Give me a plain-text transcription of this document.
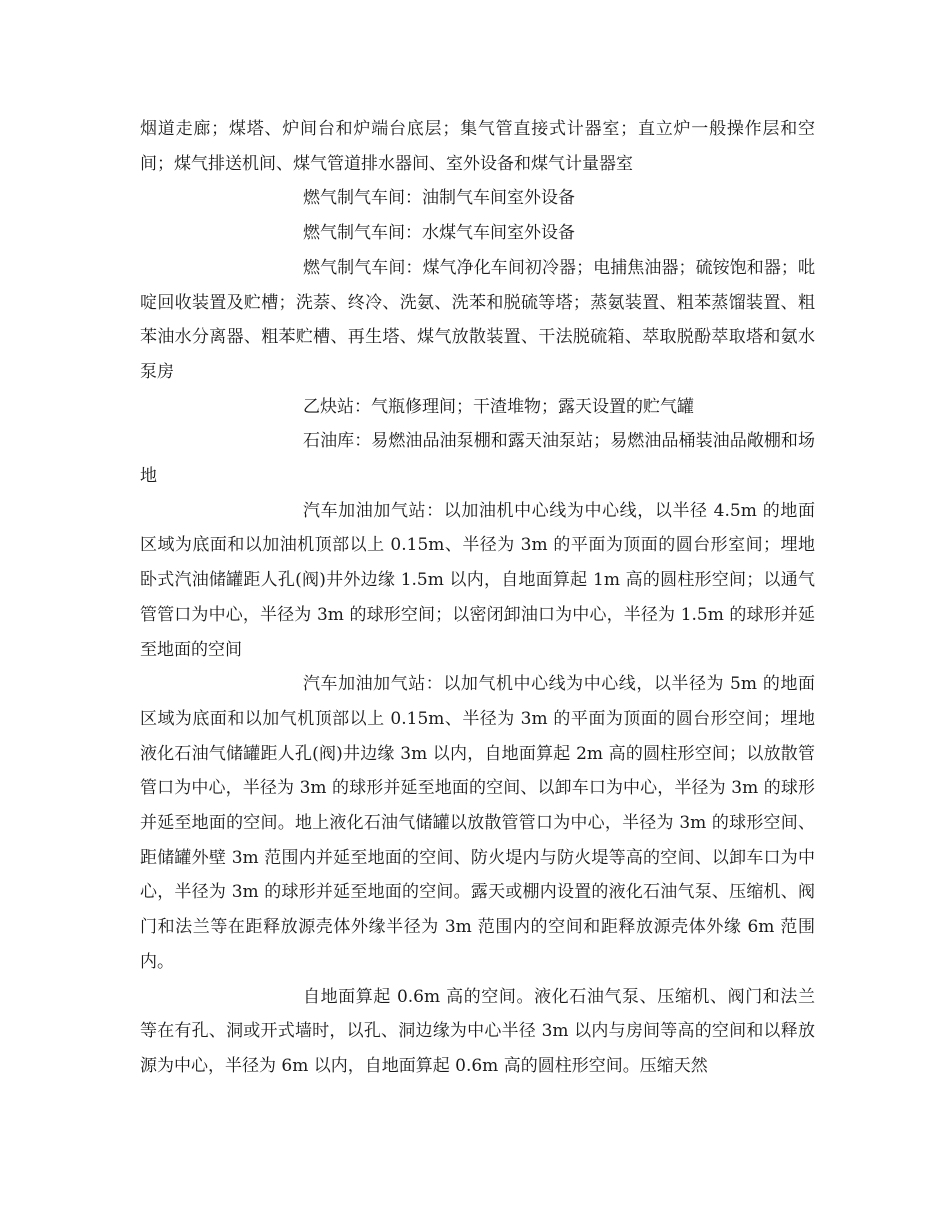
烟道走廊；煤塔、炉间台和炉端台底层；集气管直接式计器室；直立炉一般操作层和空间；煤气排送机间、煤气管道排水器间、室外设备和煤气计量器室

燃气制气车间：油制气车间室外设备

燃气制气车间：水煤气车间室外设备

燃气制气车间：煤气净化车间初冷器；电捕焦油器；硫铵饱和器；吡啶回收装置及贮槽；洗萘、终冷、洗氨、洗苯和脱硫等塔；蒸氨装置、粗苯蒸馏装置、粗苯油水分离器、粗苯贮槽、再生塔、煤气放散装置、干法脱硫箱、萃取脱酚萃取塔和氨水泵房

乙炔站：气瓶修理间；干渣堆物；露天设置的贮气罐

石油库：易燃油品油泵棚和露天油泵站；易燃油品桶装油品敞棚和场地

汽车加油加气站：以加油机中心线为中心线，以半径 4.5m 的地面区域为底面和以加油机顶部以上 0.15m、半径为 3m 的平面为顶面的圆台形室间；埋地卧式汽油储罐距人孔(阀)井外边缘 1.5m 以内，自地面算起 1m 高的圆柱形空间；以通气管管口为中心，半径为 3m 的球形空间；以密闭卸油口为中心，半径为 1.5m 的球形并延至地面的空间

汽车加油加气站：以加气机中心线为中心线，以半径为 5m 的地面区域为底面和以加气机顶部以上 0.15m、半径为 3m 的平面为顶面的圆台形空间；埋地液化石油气储罐距人孔(阀)井边缘 3m 以内，自地面算起 2m 高的圆柱形空间；以放散管管口为中心，半径为 3m 的球形并延至地面的空间、以卸车口为中心，半径为 3m 的球形并延至地面的空间。地上液化石油气储罐以放散管管口为中心，半径为 3m 的球形空间、距储罐外壁 3m 范围内并延至地面的空间、防火堤内与防火堤等高的空间、以卸车口为中心，半径为 3m 的球形并延至地面的空间。露天或棚内设置的液化石油气泵、压缩机、阀门和法兰等在距释放源壳体外缘半径为 3m 范围内的空间和距释放源壳体外缘 6m 范围内。

自地面算起 0.6m 高的空间。液化石油气泵、压缩机、阀门和法兰等在有孔、洞或开式墙时，以孔、洞边缘为中心半径 3m 以内与房间等高的空间和以释放源为中心，半径为 6m 以内，自地面算起 0.6m 高的圆柱形空间。压缩天然
